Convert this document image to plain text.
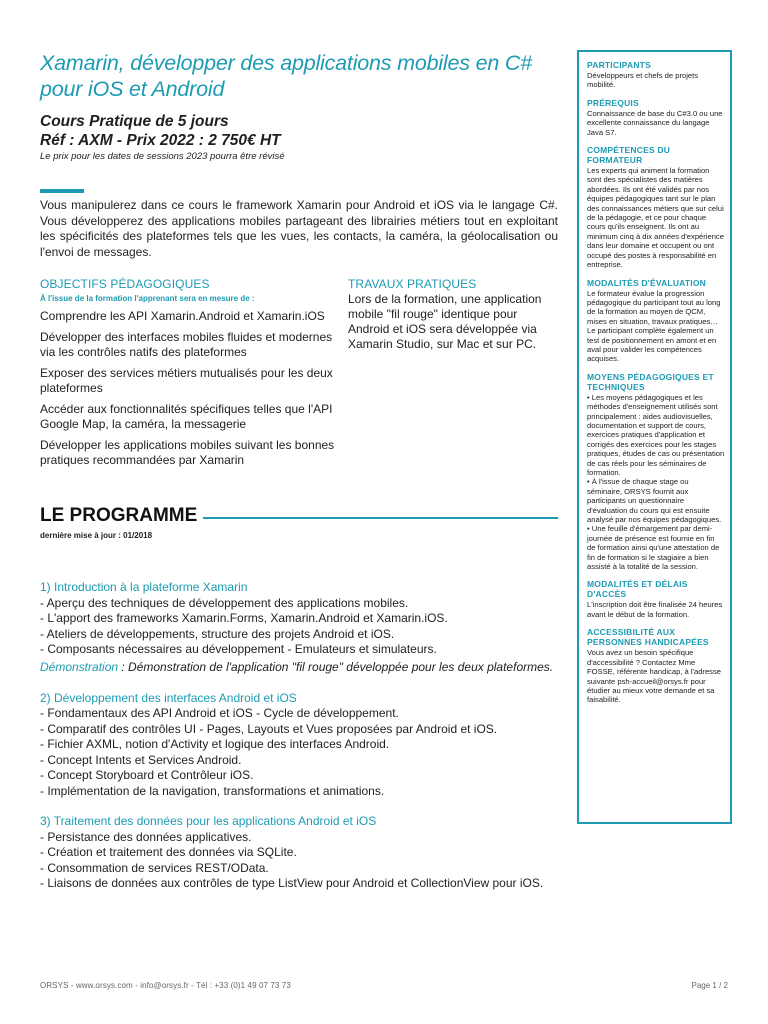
Xamarin, développer des applications mobiles en C# pour iOS et Android
Cours Pratique de 5 jours
Réf : AXM - Prix 2022 : 2 750€ HT
Le prix pour les dates de sessions 2023 pourra être révisé
Vous manipulerez dans ce cours le framework Xamarin pour Android et iOS via le langage C#. Vous développerez des applications mobiles partageant des librairies métiers tout en exploitant les spécificités des plateformes tels que les vues, les contacts, la caméra, la géolocalisation ou l'envoi de messages.
OBJECTIFS PÉDAGOGIQUES
À l'issue de la formation l'apprenant sera en mesure de :
Comprendre les API Xamarin.Android et Xamarin.iOS
Développer des interfaces mobiles fluides et modernes via les contrôles natifs des plateformes
Exposer des services métiers mutualisés pour les deux plateformes
Accéder aux fonctionnalités spécifiques telles que l'API Google Map, la caméra, la messagerie
Développer les applications mobiles suivant les bonnes pratiques recommandées par Xamarin
TRAVAUX PRATIQUES
Lors de la formation, une application mobile "fil rouge" identique pour Android et iOS sera développée via Xamarin Studio, sur Mac et sur PC.
LE PROGRAMME
dernière mise à jour : 01/2018
1) Introduction à la plateforme Xamarin
- Aperçu des techniques de développement des applications mobiles.
- L'apport des frameworks Xamarin.Forms, Xamarin.Android et Xamarin.iOS.
- Ateliers de développements, structure des projets Android et iOS.
- Composants nécessaires au développement - Emulateurs et simulateurs.
Démonstration : Démonstration de l'application "fil rouge" développée pour les deux plateformes.
2) Développement des interfaces Android et iOS
- Fondamentaux des API Android et iOS - Cycle de développement.
- Comparatif des contrôles UI - Pages, Layouts et Vues proposées par Android et iOS.
- Fichier AXML, notion d'Activity et logique des interfaces Android.
- Concept Intents et Services Android.
- Concept Storyboard et Contrôleur iOS.
- Implémentation de la navigation, transformations et animations.
3) Traitement des données pour les applications Android et iOS
- Persistance des données applicatives.
- Création et traitement des données via SQLite.
- Consommation de services REST/OData.
- Liaisons de données aux contrôles de type ListView pour Android et CollectionView pour iOS.
PARTICIPANTS
Développeurs et chefs de projets mobilité.
PRÉREQUIS
Connaissance de base du C#3.0 ou une excellente connaissance du langage Java S7.
COMPÉTENCES DU FORMATEUR
Les experts qui animent la formation sont des spécialistes des matières abordées. Ils ont été validés par nos équipes pédagogiques tant sur le plan des connaissances métiers que sur celui de la pédagogie, et ce pour chaque cours qu'ils enseignent. Ils ont au minimum cinq à dix années d'expérience dans leur domaine et occupent ou ont occupé des postes à responsabilité en entreprise.
MODALITÉS D'ÉVALUATION
Le formateur évalue la progression pédagogique du participant tout au long de la formation au moyen de QCM, mises en situation, travaux pratiques…
Le participant complète également un test de positionnement en amont et en aval pour valider les compétences acquises.
MOYENS PÉDAGOGIQUES ET TECHNIQUES
• Les moyens pédagogiques et les méthodes d'enseignement utilisés sont principalement : aides audiovisuelles, documentation et support de cours, exercices pratiques d'application et corrigés des exercices pour les stages pratiques, études de cas ou présentation de cas réels pour les séminaires de formation.
• À l'issue de chaque stage ou séminaire, ORSYS fournit aux participants un questionnaire d'évaluation du cours qui est ensuite analysé par nos équipes pédagogiques.
• Une feuille d'émargement par demi-journée de présence est fournie en fin de formation ainsi qu'une attestation de fin de formation si le stagiaire a bien assisté à la totalité de la session.
MODALITÉS ET DÉLAIS D'ACCÈS
L'inscription doit être finalisée 24 heures avant le début de la formation.
ACCESSIBILITÉ AUX PERSONNES HANDICAPÉES
Vous avez un besoin spécifique d'accessibilité ? Contactez Mme FOSSE, référente handicap, à l'adresse suivante psh-accueil@orsys.fr pour étudier au mieux votre demande et sa faisabilité.
ORSYS - www.orsys.com - info@orsys.fr - Tél : +33 (0)1 49 07 73 73	Page 1 / 2
